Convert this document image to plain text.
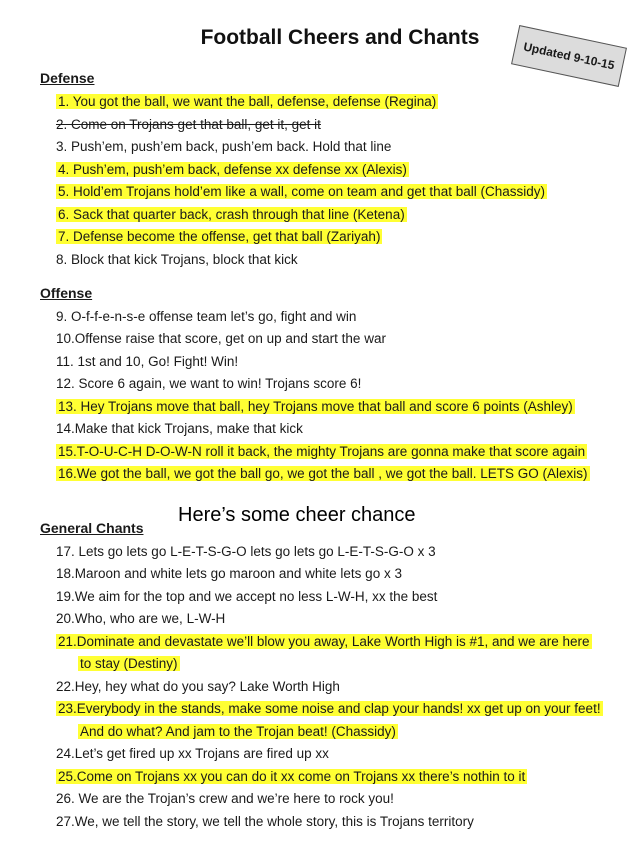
Football Cheers and Chants
Updated 9-10-15
Defense
1. You got the ball, we want the ball, defense, defense (Regina)
2. Come on Trojans get that ball, get it, get it
3. Push’em, push’em back, push’em back. Hold that line
4. Push’em, push’em back, defense xx defense xx (Alexis)
5. Hold’em Trojans hold’em like a wall, come on team and get that ball (Chassidy)
6. Sack that quarter back, crash through that line (Ketena)
7. Defense become the offense, get that ball (Zariyah)
8. Block that kick Trojans, block that kick
Offense
9. O-f-f-e-n-s-e offense team let’s go, fight and win
10.Offense raise that score, get on up and start the war
11. 1st and 10, Go! Fight! Win!
12. Score 6 again, we want to win! Trojans score 6!
13. Hey Trojans move that ball, hey Trojans move that ball and score 6 points (Ashley)
14.Make that kick Trojans, make that kick
15.T-O-U-C-H D-O-W-N roll it back, the mighty Trojans are gonna make that score again
16.We got the ball, we got the ball go, we got the ball , we got the ball. LETS GO (Alexis)
Here’s some cheer chance
General Chants
17. Lets go lets go L-E-T-S-G-O lets go lets go L-E-T-S-G-O x 3
18.Maroon and white lets go maroon and white lets go x 3
19.We aim for the top and we accept no less L-W-H, xx the best
20.Who, who are we, L-W-H
21.Dominate and devastate we’ll blow you away, Lake Worth High is #1, and we are here
to stay (Destiny)
22.Hey, hey what do you say? Lake Worth High
23.Everybody in the stands, make some noise and clap your hands! xx get up on your feet!
And do what? And jam to the Trojan beat! (Chassidy)
24.Let’s get fired up xx Trojans are fired up xx
25.Come on Trojans xx you can do it xx come on Trojans xx there’s nothin to it
26. We are the Trojan’s crew and we’re here to rock you!
27.We, we tell the story, we tell the whole story, this is Trojans territory
